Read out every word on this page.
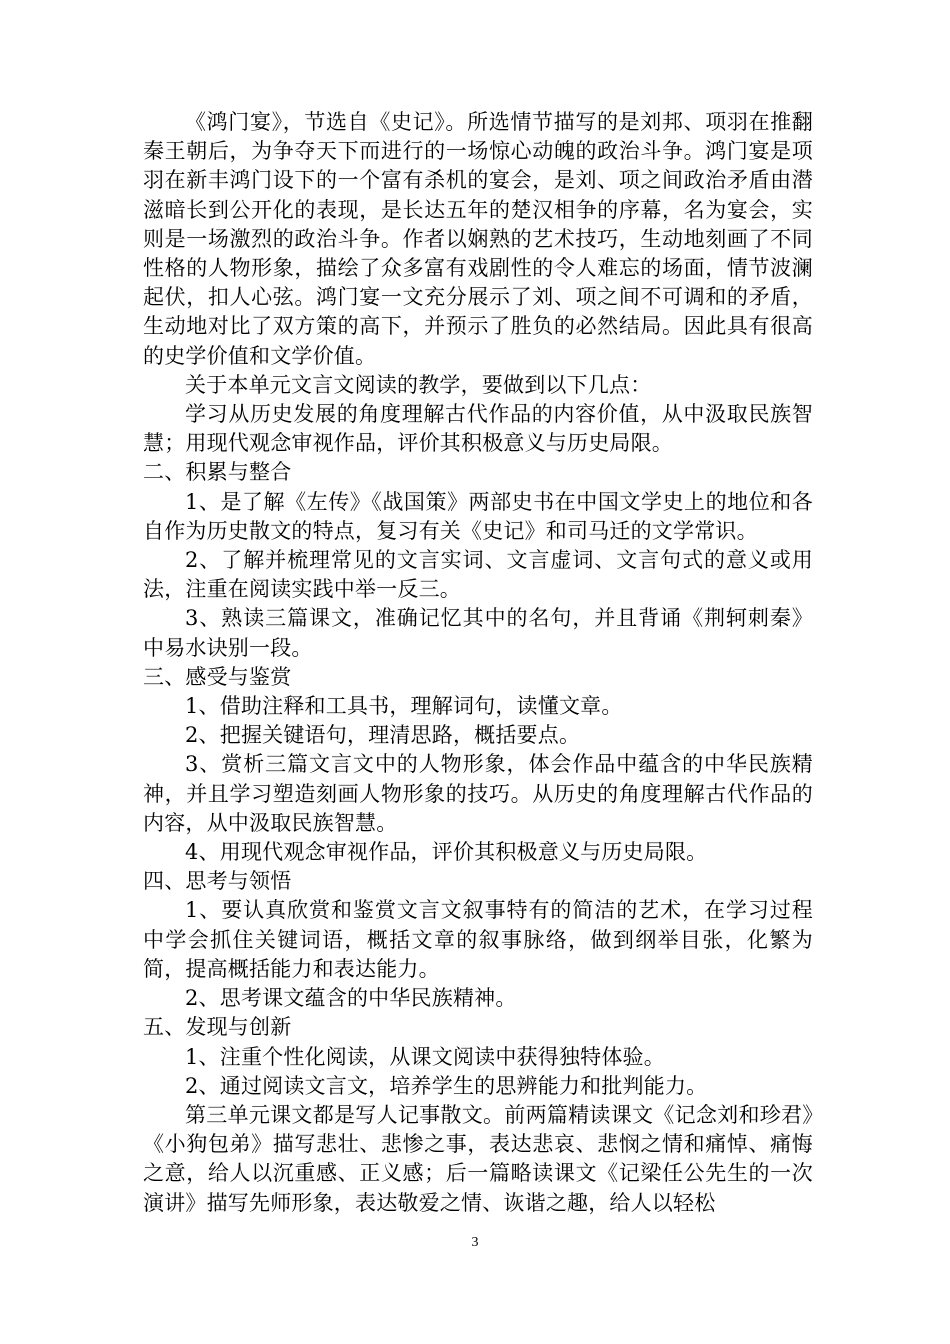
《鸿门宴》，节选自《史记》。所选情节描写的是刘邦、项羽在推翻秦王朝后，为争夺天下而进行的一场惊心动魄的政治斗争。鸿门宴是项羽在新丰鸿门设下的一个富有杀机的宴会，是刘、项之间政治矛盾由潜滋暗长到公开化的表现，是长达五年的楚汉相争的序幕，名为宴会，实则是一场激烈的政治斗争。作者以娴熟的艺术技巧，生动地刻画了不同性格的人物形象，描绘了众多富有戏剧性的令人难忘的场面，情节波澜起伏，扣人心弦。鸿门宴一文充分展示了刘、项之间不可调和的矛盾，生动地对比了双方策的高下，并预示了胜负的必然结局。因此具有很高的史学价值和文学价值。

关于本单元文言文阅读的教学，要做到以下几点：

学习从历史发展的角度理解古代作品的内容价值，从中汲取民族智慧；用现代观念审视作品，评价其积极意义与历史局限。

二、积累与整合

1、是了解《左传》《战国策》两部史书在中国文学史上的地位和各自作为历史散文的特点，复习有关《史记》和司马迁的文学常识。

2、了解并梳理常见的文言实词、文言虚词、文言句式的意义或用法，注重在阅读实践中举一反三。

3、熟读三篇课文，准确记忆其中的名句，并且背诵《荆轲刺秦》中易水诀别一段。

三、感受与鉴赏

1、借助注释和工具书，理解词句，读懂文章。

2、把握关键语句，理清思路，概括要点。

3、赏析三篇文言文中的人物形象，体会作品中蕴含的中华民族精神，并且学习塑造刻画人物形象的技巧。从历史的角度理解古代作品的内容，从中汲取民族智慧。

4、用现代观念审视作品，评价其积极意义与历史局限。

四、思考与领悟

1、要认真欣赏和鉴赏文言文叙事特有的简洁的艺术，在学习过程中学会抓住关键词语，概括文章的叙事脉络，做到纲举目张，化繁为简，提高概括能力和表达能力。

2、思考课文蕴含的中华民族精神。

五、发现与创新

1、注重个性化阅读，从课文阅读中获得独特体验。

2、通过阅读文言文，培养学生的思辨能力和批判能力。

第三单元课文都是写人记事散文。前两篇精读课文《记念刘和珍君》《小狗包弟》描写悲壮、悲惨之事，表达悲哀、悲悯之情和痛悼、痛悔之意，给人以沉重感、正义感；后一篇略读课文《记梁任公先生的一次演讲》描写先师形象，表达敬爱之情、诙谐之趣，给人以轻松

3
